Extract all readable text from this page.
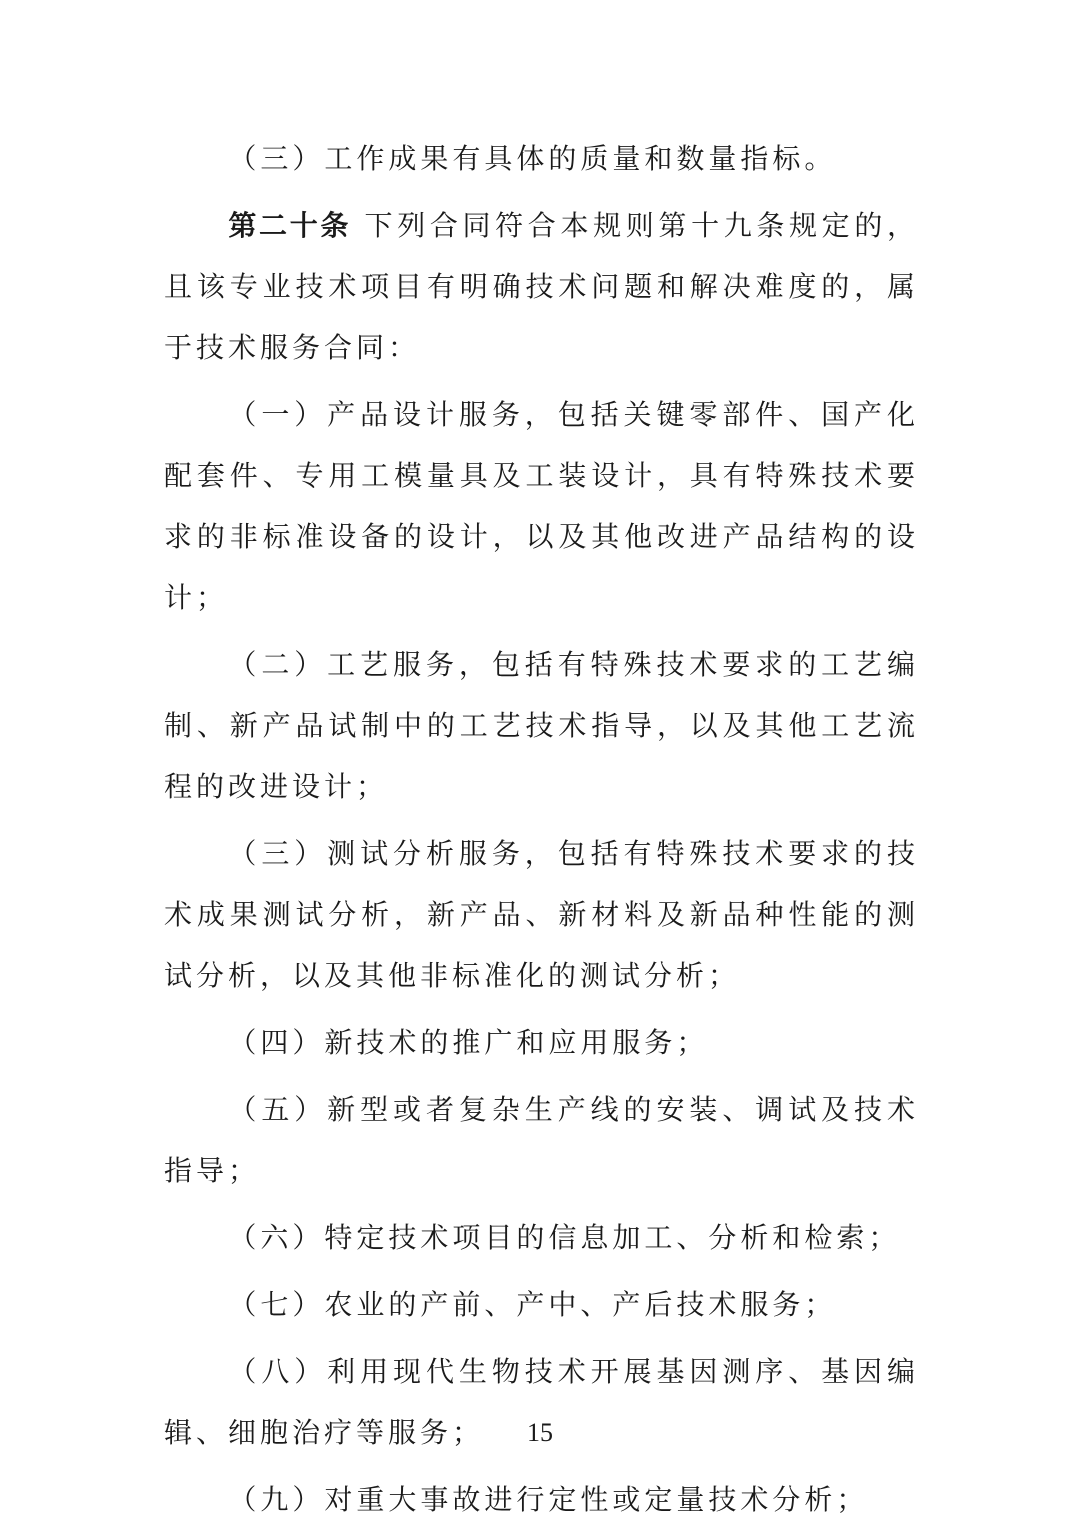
（三）工作成果有具体的质量和数量指标。

第二十条 下列合同符合本规则第十九条规定的，且该专业技术项目有明确技术问题和解决难度的，属于技术服务合同：

（一）产品设计服务，包括关键零部件、国产化配套件、专用工模量具及工装设计，具有特殊技术要求的非标准设备的设计，以及其他改进产品结构的设计；

（二）工艺服务，包括有特殊技术要求的工艺编制、新产品试制中的工艺技术指导，以及其他工艺流程的改进设计；

（三）测试分析服务，包括有特殊技术要求的技术成果测试分析，新产品、新材料及新品种性能的测试分析，以及其他非标准化的测试分析；

（四）新技术的推广和应用服务；

（五）新型或者复杂生产线的安装、调试及技术指导；

（六）特定技术项目的信息加工、分析和检索；

（七）农业的产前、产中、产后技术服务；

（八）利用现代生物技术开展基因测序、基因编辑、细胞治疗等服务；

（九）对重大事故进行定性或定量技术分析；

15
